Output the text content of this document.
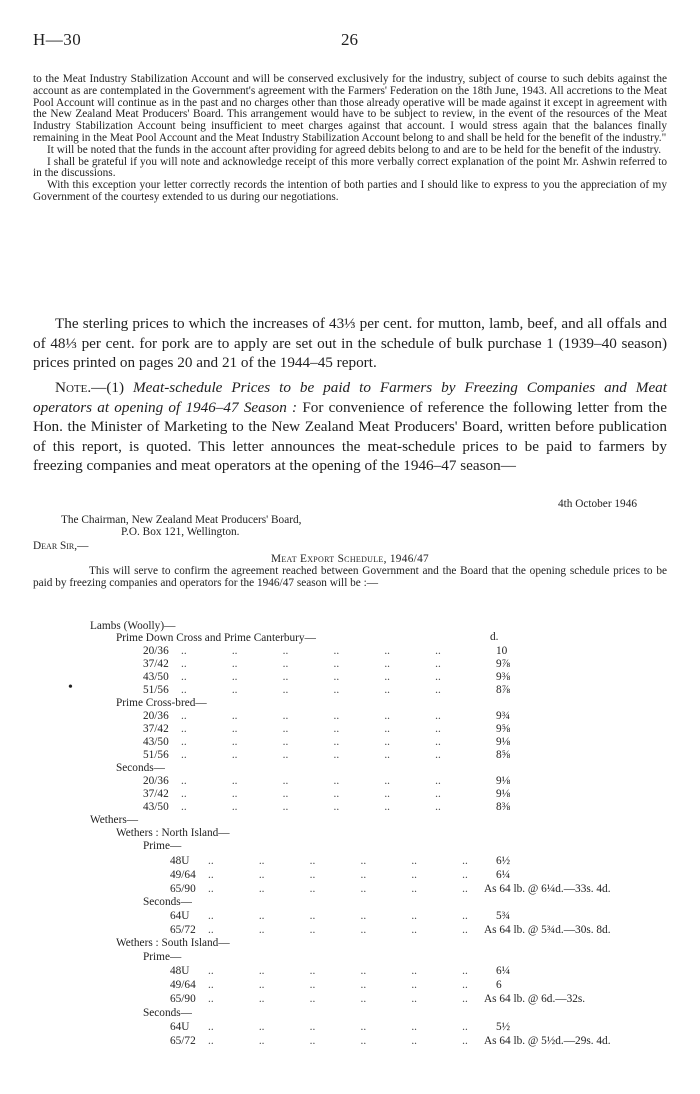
H—30	26

to the Meat Industry Stabilization Account and will be conserved exclusively for the industry, subject of course to such debits against the account as are contemplated in the Government's agreement with the Farmers' Federation on the 18th June, 1943. All accretions to the Meat Pool Account will continue as in the past and no charges other than those already operative will be made against it except in agreement with the New Zealand Meat Producers' Board. This arrangement would have to be subject to review, in the event of the resources of the Meat Industry Stabilization Account being insufficient to meet charges against that account. I would stress again that the balances finally remaining in the Meat Pool Account and the Meat Industry Stabilization Account belong to and shall be held for the benefit of the industry."

It will be noted that the funds in the account after providing for agreed debits belong to and are to be held for the benefit of the industry.

I shall be grateful if you will note and acknowledge receipt of this more verbally correct explanation of the point Mr. Ashwin referred to in the discussions.

With this exception your letter correctly records the intention of both parties and I should like to express to you the appreciation of my Government of the courtesy extended to us during our negotiations.

The sterling prices to which the increases of 43⅓ per cent. for mutton, lamb, beef, and all offals and of 48⅓ per cent. for pork are to apply are set out in the schedule of bulk purchase 1 (1939–40 season) prices printed on pages 20 and 21 of the 1944–45 report.

Note.—(1) Meat-schedule Prices to be paid to Farmers by Freezing Companies and Meat operators at opening of 1946–47 Season : For convenience of reference the following letter from the Hon. the Minister of Marketing to the New Zealand Meat Producers' Board, written before publication of this report, is quoted. This letter announces the meat-schedule prices to be paid to farmers by freezing companies and meat operators at the opening of the 1946–47 season—

4th October 1946
The Chairman, New Zealand Meat Producers' Board,
P.O. Box 121, Wellington.
Dear Sir,—
Meat Export Schedule, 1946/47
This will serve to confirm the agreement reached between Government and the Board that the opening schedule prices to be paid by freezing companies and operators for the 1946/47 season will be :—
Lambs (Woolly)—
Prime Down Cross and Prime Canterbury—
20/36 ..    ..    ..    ..    ..    ..	10
37/42 ..    ..    ..    ..    ..    ..	9⅞
43/50 ..    ..    ..    ..    ..    ..	9⅜
51/56 ..    ..    ..    ..    ..    ..	8⅞
Prime Cross-bred—
20/36 ..    ..    ..    ..    ..    ..	9¾
37/42 ..    ..    ..    ..    ..    ..	9⅝
43/50 ..    ..    ..    ..    ..    ..	9⅛
51/56 ..    ..    ..    ..    ..    ..	8⅝
Seconds—
20/36 ..    ..    ..    ..    ..    ..	9⅛
37/42 ..    ..    ..    ..    ..    ..	9⅛
43/50 ..    ..    ..    ..    ..    ..	8⅜
Wethers—
Wethers : North Island—
Prime—
48U ..    ..    ..    ..    ..    .. 6½
49/64 ..    ..    ..    ..    ..    .. 6¼
65/90 ..    ..    ..    ..    ..    .. As 64 lb. @ 6¼d.—33s. 4d.
Seconds—
64U ..    ..    ..    ..    ..    .. 5¾
65/72 ..    ..    ..    ..    ..    .. As 64 lb. @ 5¾d.—30s. 8d.
Wethers : South Island—
Prime—
48U ..    ..    ..    ..    ..    .. 6¼
49/64 ..    ..    ..    ..    ..    .. 6
65/90 ..    ..    ..    ..    ..    .. As 64 lb. @ 6d.—32s.
Seconds—
64U ..    ..    ..    ..    ..    .. 5½
65/72 ..    ..    ..    ..    ..    .. As 64 lb. @ 5½d.—29s. 4d.
d.
•
